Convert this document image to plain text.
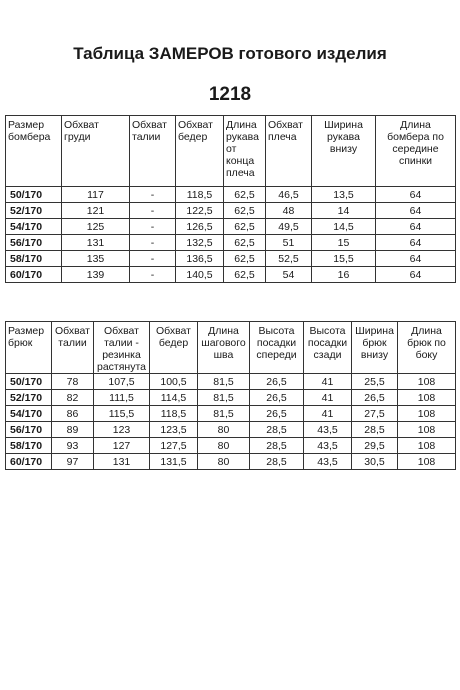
Таблица ЗАМЕРОВ готового изделия
1218
Размер бомбера	Обхват груди	Обхват талии	Обхват бедер	Длина рукава от конца плеча	Обхват плеча	Ширина рукава внизу	Длина бомбера по середине спинки
50/170	117	-	118,5	62,5	46,5	13,5	64
52/170	121	-	122,5	62,5	48	14	64
54/170	125	-	126,5	62,5	49,5	14,5	64
56/170	131	-	132,5	62,5	51	15	64
58/170	135	-	136,5	62,5	52,5	15,5	64
60/170	139	-	140,5	62,5	54	16	64
Размер брюк	Обхват талии	Обхват талии - резинка растянута	Обхват бедер	Длина шагового шва	Высота посадки спереди	Высота посадки сзади	Ширина брюк внизу	Длина брюк по боку
50/170	78	107,5	100,5	81,5	26,5	41	25,5	108
52/170	82	111,5	114,5	81,5	26,5	41	26,5	108
54/170	86	115,5	118,5	81,5	26,5	41	27,5	108
56/170	89	123	123,5	80	28,5	43,5	28,5	108
58/170	93	127	127,5	80	28,5	43,5	29,5	108
60/170	97	131	131,5	80	28,5	43,5	30,5	108
